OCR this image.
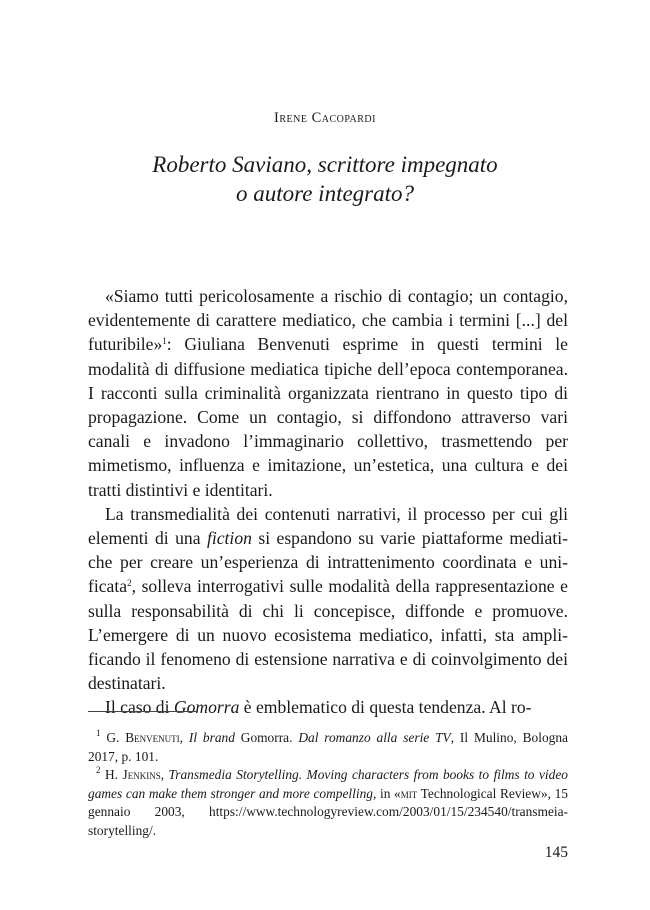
Irene Cacopardi
Roberto Saviano, scrittore impegnato
o autore integrato?

«Siamo tutti pericolosamente a rischio di contagio; un contagio, evidentemente di carattere mediatico, che cambia i termini [...] del futuribile»$^1$: Giuliana Benvenuti esprime in questi termini le modalità di diffusione mediatica tipiche dell’epoca contemporanea. I racconti sulla criminalità organizzata rientrano in questo tipo di propagazione. Come un contagio, si diffondono attraverso vari canali e invadono l’immaginario collettivo, trasmettendo per mimetismo, influenza e imitazione, un’estetica, una cultura e dei tratti distintivi e identitari.

La transmedialità dei contenuti narrativi, il processo per cui gli elementi di una fiction si espandono su varie piattaforme mediatiche per creare un’esperienza di intrattenimento coordinata e unificata$^2$, solleva interrogativi sulle modalità della rappresentazione e sulla responsabilità di chi li concepisce, diffonde e promuove. L’emergere di un nuovo ecosistema mediatico, infatti, sta amplificando il fenomeno di estensione narrativa e di coinvolgimento dei destinatari.

Il caso di Gomorra è emblematico di questa tendenza. Al ro-

$^1$ G. Benvenuti, Il brand Gomorra. Dal romanzo alla serie TV, Il Mulino, Bologna 2017, p. 101.

$^2$ H. Jenkins, Transmedia Storytelling. Moving characters from books to films to video games can make them stronger and more compelling, in «mit Technological Review», 15 gennaio 2003, https://www.technologyreview.com/2003/01/15/234540/transmeia-storytelling/.

145
